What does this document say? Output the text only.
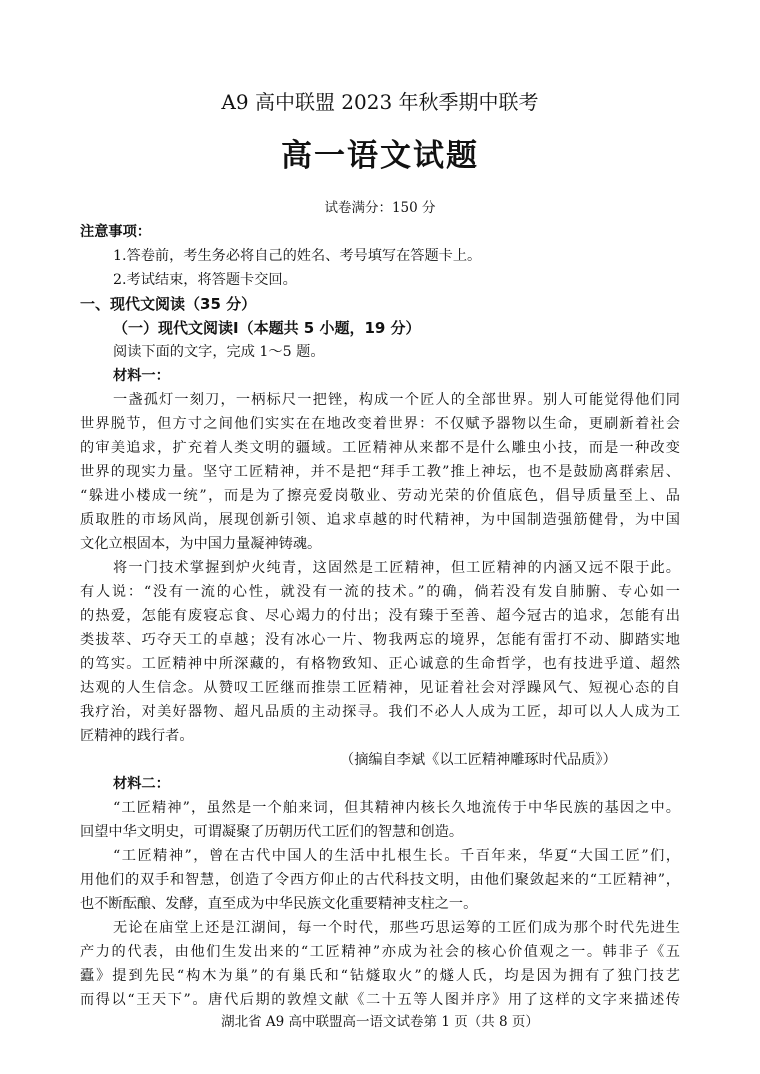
A9 高中联盟 2023 年秋季期中联考
高一语文试题
试卷满分：150 分
注意事项：
1.答卷前，考生务必将自己的姓名、考号填写在答题卡上。
2.考试结束，将答题卡交回。
一、现代文阅读（35 分）
（一）现代文阅读Ⅰ（本题共 5 小题，19 分）
阅读下面的文字，完成 1～5 题。
材料一：
一盏孤灯一刻刀，一柄标尺一把锉，构成一个匠人的全部世界。别人可能觉得他们同
世界脱节，但方寸之间他们实实在在地改变着世界：不仅赋予器物以生命，更刷新着社会
的审美追求，扩充着人类文明的疆域。工匠精神从来都不是什么雕虫小技，而是一种改变
世界的现实力量。坚守工匠精神，并不是把“拜手工教”推上神坛，也不是鼓励离群索居、
“躲进小楼成一统”，而是为了擦亮爱岗敬业、劳动光荣的价值底色，倡导质量至上、品
质取胜的市场风尚，展现创新引领、追求卓越的时代精神，为中国制造强筋健骨，为中国
文化立根固本，为中国力量凝神铸魂。
将一门技术掌握到炉火纯青，这固然是工匠精神，但工匠精神的内涵又远不限于此。
有人说：“没有一流的心性，就没有一流的技术。”的确，倘若没有发自肺腑、专心如一
的热爱，怎能有废寝忘食、尽心竭力的付出；没有臻于至善、超今冠古的追求，怎能有出
类拔萃、巧夺天工的卓越；没有冰心一片、物我两忘的境界，怎能有雷打不动、脚踏实地
的笃实。工匠精神中所深藏的，有格物致知、正心诚意的生命哲学，也有技进乎道、超然
达观的人生信念。从赞叹工匠继而推崇工匠精神，见证着社会对浮躁风气、短视心态的自
我疗治，对美好器物、超凡品质的主动探寻。我们不必人人成为工匠，却可以人人成为工
匠精神的践行者。
（摘编自李斌《以工匠精神雕琢时代品质》）
材料二：
“工匠精神”，虽然是一个舶来词，但其精神内核长久地流传于中华民族的基因之中。
回望中华文明史，可谓凝聚了历朝历代工匠们的智慧和创造。
“工匠精神”，曾在古代中国人的生活中扎根生长。千百年来，华夏“大国工匠”们，
用他们的双手和智慧，创造了令西方仰止的古代科技文明，由他们聚敛起来的“工匠精神”，
也不断酝酿、发酵，直至成为中华民族文化重要精神支柱之一。
无论在庙堂上还是江湖间，每一个时代，那些巧思运筹的工匠们成为那个时代先进生
产力的代表，由他们生发出来的“工匠精神”亦成为社会的核心价值观之一。韩非子《五
蠹》提到先民“构木为巢”的有巢氏和“钻燧取火”的燧人氏，均是因为拥有了独门技艺
而得以“王天下”。唐代后期的敦煌文献《二十五等人图并序》用了这样的文字来描述传
湖北省 A9 高中联盟高一语文试卷第 1 页（共 8 页）
